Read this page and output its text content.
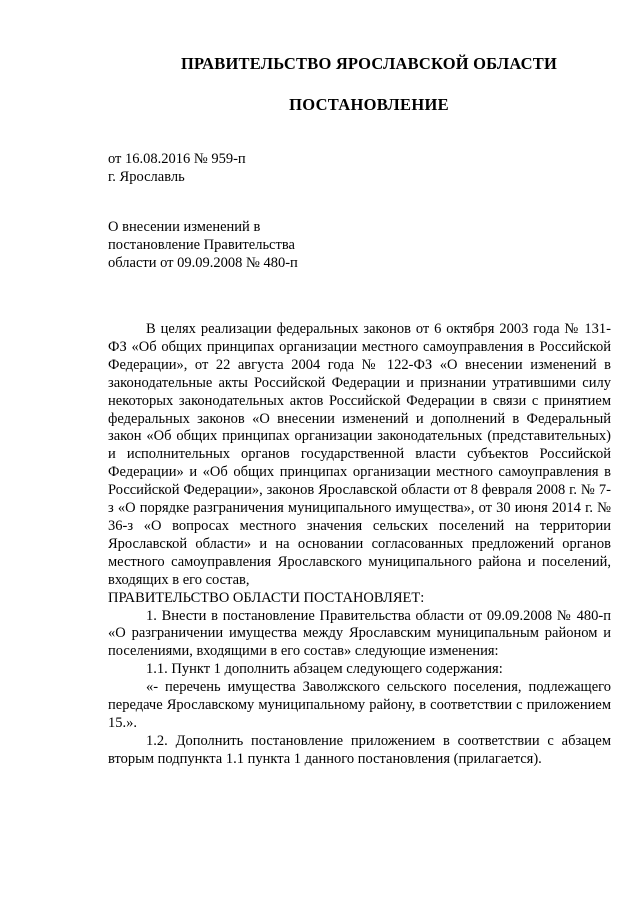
ПРАВИТЕЛЬСТВО ЯРОСЛАВСКОЙ ОБЛАСТИ
ПОСТАНОВЛЕНИЕ
от 16.08.2016 № 959-п
г. Ярославль
О внесении изменений в
постановление Правительства
области от 09.09.2008 № 480-п

В целях реализации федеральных законов от 6 октября 2003 года № 131-ФЗ «Об общих принципах организации местного самоуправления в Российской Федерации», от 22 августа 2004 года № 122-ФЗ «О внесении изменений в законодательные акты Российской Федерации и признании утратившими силу некоторых законодательных актов Российской Федерации в связи с принятием федеральных законов «О внесении изменений и дополнений в Федеральный закон «Об общих принципах организации законодательных (представительных) и исполнительных органов государственной власти субъектов Российской Федерации» и «Об общих принципах организации местного самоуправления в Российской Федерации», законов Ярославской области от 8 февраля 2008 г. № 7-з «О порядке разграничения муниципального имущества», от 30 июня 2014 г. № 36-з «О вопросах местного значения сельских поселений на территории Ярославской области» и на основании согласованных предложений органов местного самоуправления Ярославского муниципального района и поселений, входящих в его состав,

ПРАВИТЕЛЬСТВО ОБЛАСТИ ПОСТАНОВЛЯЕТ:

1. Внести в постановление Правительства области от 09.09.2008 № 480-п «О разграничении имущества между Ярославским муниципальным районом и поселениями, входящими в его состав» следующие изменения:

1.1. Пункт 1 дополнить абзацем следующего содержания:

«- перечень имущества Заволжского сельского поселения, подлежащего передаче Ярославскому муниципальному району, в соответствии с приложением 15.».

1.2. Дополнить постановление приложением в соответствии с абзацем вторым подпункта 1.1 пункта 1 данного постановления (прилагается).
